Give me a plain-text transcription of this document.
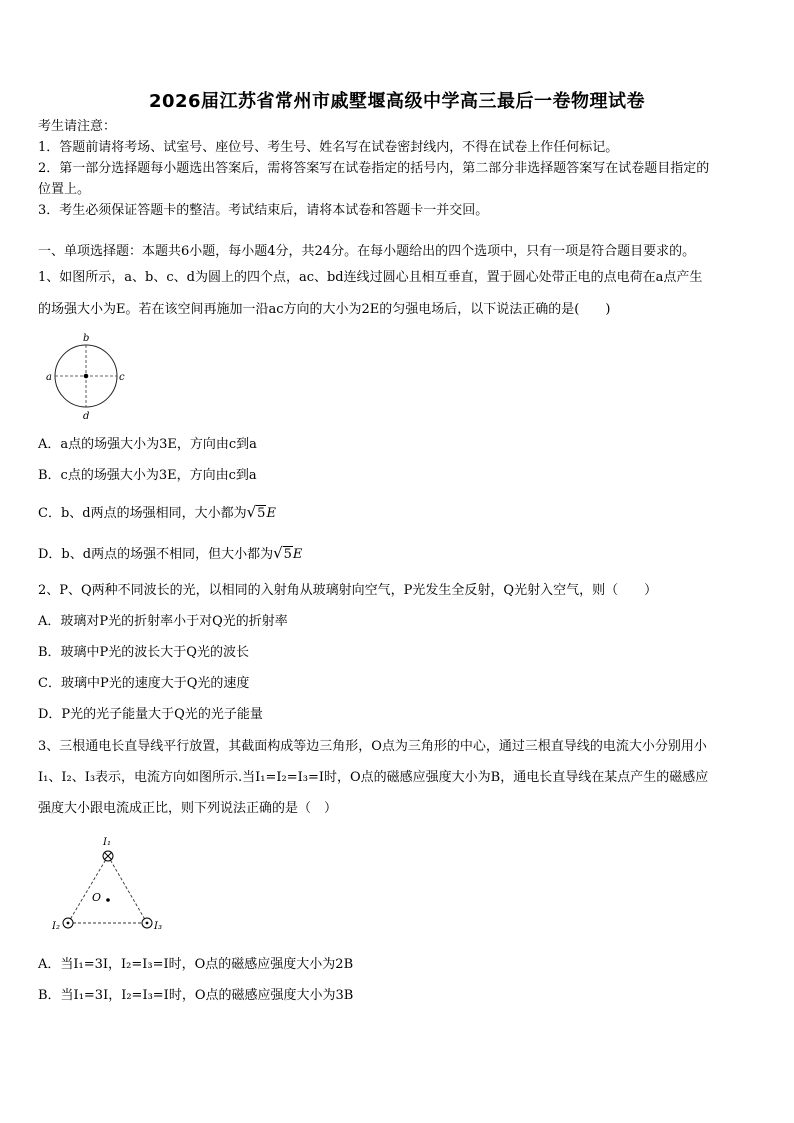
2026届江苏省常州市戚墅堰高级中学高三最后一卷物理试卷
考生请注意：
1．答题前请将考场、试室号、座位号、考生号、姓名写在试卷密封线内，不得在试卷上作任何标记。
2．第一部分选择题每小题选出答案后，需将答案写在试卷指定的括号内，第二部分非选择题答案写在试卷题目指定的
位置上。
3．考生必须保证答题卡的整洁。考试结束后，请将本试卷和答题卡一并交回。
一、单项选择题：本题共6小题，每小题4分，共24分。在每小题给出的四个选项中，只有一项是符合题目要求的。
1、如图所示，a、b、c、d为圆上的四个点，ac、bd连线过圆心且相互垂直，置于圆心处带正电的点电荷在a点产生
的场强大小为E。若在该空间再施加一沿ac方向的大小为2E的匀强电场后，以下说法正确的是(　　)
a
b
c
d
A．a点的场强大小为3E，方向由c到a
B．c点的场强大小为3E，方向由c到a
C．b、d两点的场强相同，大小都为√5E
D．b、d两点的场强不相同，但大小都为√5E
2、P、Q两种不同波长的光，以相同的入射角从玻璃射向空气，P光发生全反射，Q光射入空气，则（　　）
A．玻璃对P光的折射率小于对Q光的折射率
B．玻璃中P光的波长大于Q光的波长
C．玻璃中P光的速度大于Q光的速度
D．P光的光子能量大于Q光的光子能量
3、三根通电长直导线平行放置，其截面构成等边三角形，O点为三角形的中心，通过三根直导线的电流大小分别用小
I₁、I₂、I₃表示，电流方向如图所示.当I₁=I₂=I₃=I时，O点的磁感应强度大小为B，通电长直导线在某点产生的磁感应
强度大小跟电流成正比，则下列说法正确的是（　）
O
I₁
I₂	I₃
A．当I₁=3I，I₂=I₃=I时，O点的磁感应强度大小为2B
B．当I₁=3I，I₂=I₃=I时，O点的磁感应强度大小为3B
